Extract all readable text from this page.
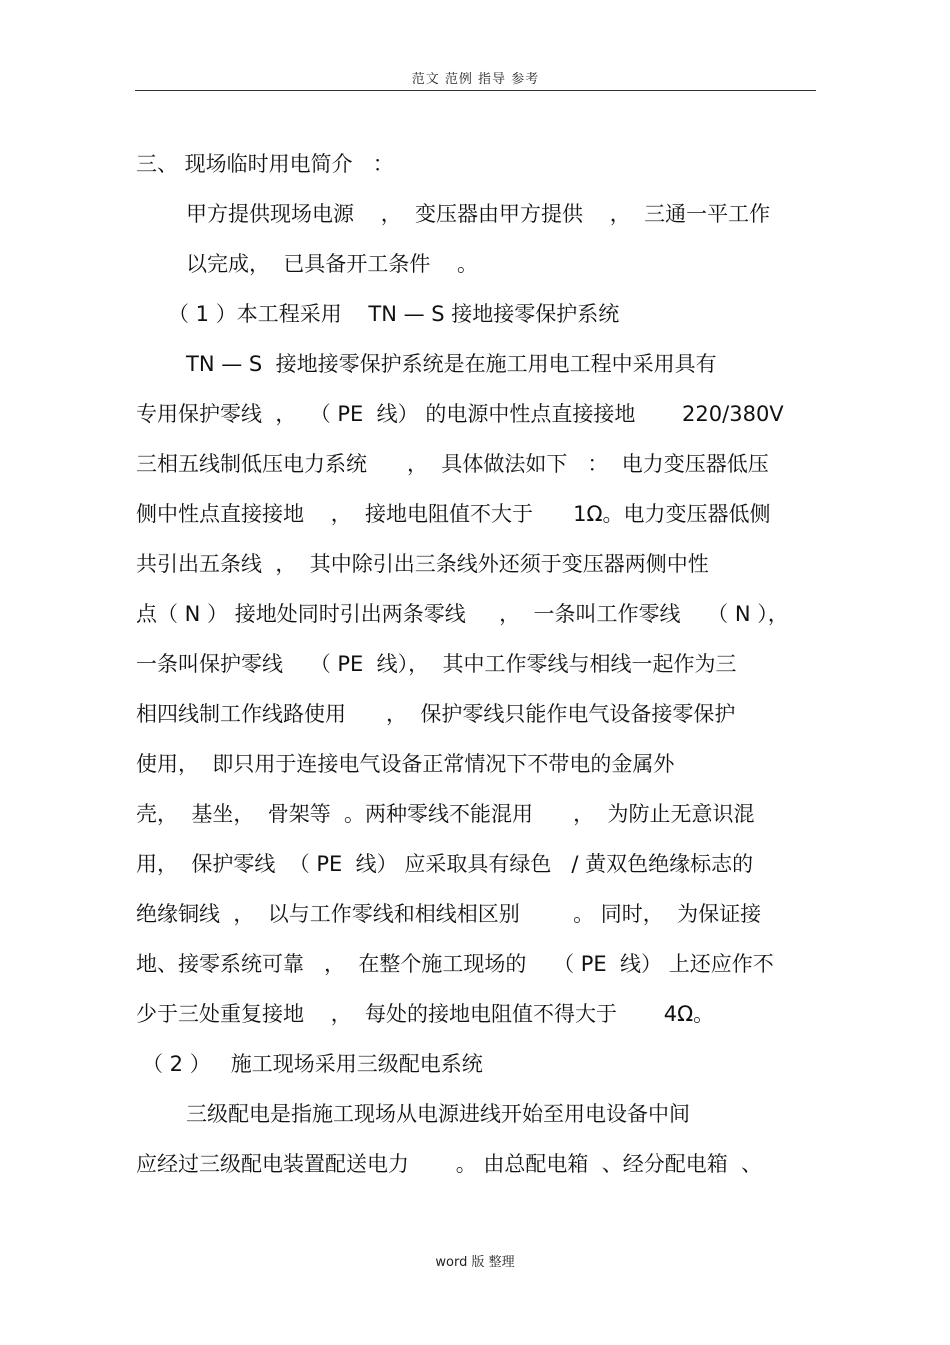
范文 范例 指导 参考
三、 现场临时用电简介   ：
甲方提供现场电源    ，  变压器由甲方提供    ，  三通一平工作
以完成，  已具备开工条件    。
（ 1 ）本工程采用    TN — S 接地接零保护系统
TN — S  接地接零保护系统是在施工用电工程中采用具有
专用保护零线  ，  （ PE  线） 的电源中性点直接接地       220/380V
三相五线制低压电力系统      ，  具体做法如下   ：  电力变压器低压
侧中性点直接接地    ，  接地电阻值不大于      1Ω。电力变压器低侧
共引出五条线  ，  其中除引出三条线外还须于变压器两侧中性
点（ N ） 接地处同时引出两条零线     ，  一条叫工作零线    （ N ），
一条叫保护零线    （ PE  线），  其中工作零线与相线一起作为三
相四线制工作线路使用      ，  保护零线只能作电气设备接零保护
使用，  即只用于连接电气设备正常情况下不带电的金属外
壳，  基坐，  骨架等  。两种零线不能混用      ，  为防止无意识混
用，  保护零线  （ PE  线） 应采取具有绿色   / 黄双色绝缘标志的
绝缘铜线  ，  以与工作零线和相线相区别        。 同时，  为保证接
地、接零系统可靠   ，  在整个施工现场的    （ PE  线） 上还应作不
少于三处重复接地    ，  每处的接地电阻值不得大于       4Ω。
（ 2 ）   施工现场采用三级配电系统
三级配电是指施工现场从电源进线开始至用电设备中间
应经过三级配电装置配送电力       。 由总配电箱  、经分配电箱  、
word 版 整理
